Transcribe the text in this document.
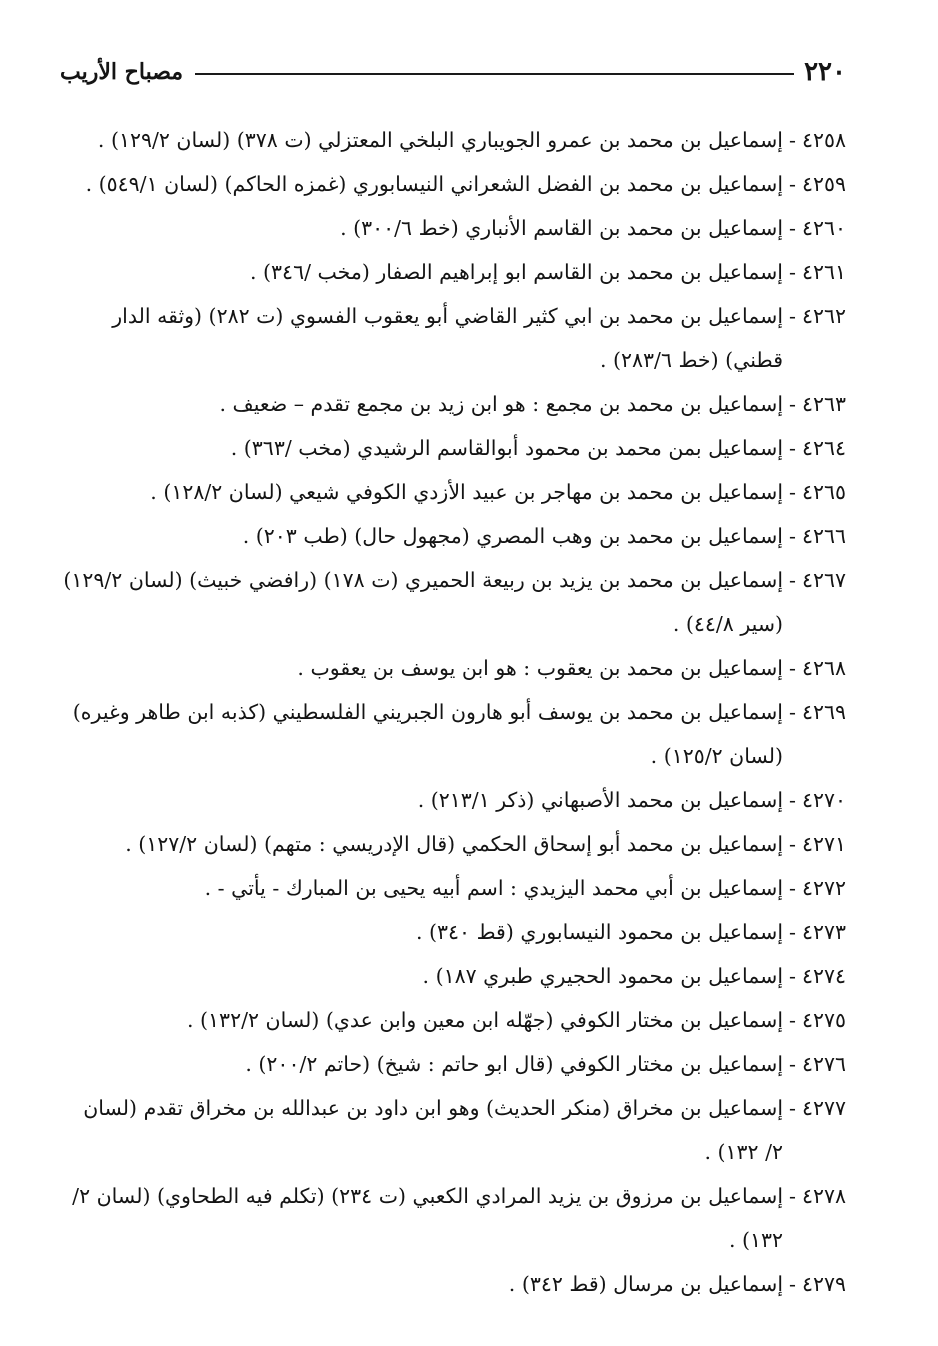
٢٢٠
مصباح الأريب
٤٢٥٨
-
إسماعيل بن محمد بن عمرو الجويباري البلخي المعتزلي (ت ٣٧٨) (لسان ١٢٩/٢) .
٤٢٥٩
-
إسماعيل بن محمد بن الفضل الشعراني النيسابوري (غمزه الحاكم) (لسان ٥٤٩/١) .
٤٢٦٠
-
إسماعيل بن محمد بن القاسم الأنباري (خط ٣٠٠/٦) .
٤٢٦١
-
إسماعيل بن محمد بن القاسم ابو إبراهيم الصفار (مخب /٣٤٦) .
٤٢٦٢
-
إسماعيل بن محمد بن ابي كثير القاضي أبو يعقوب الفسوي (ت ٢٨٢) (وثقه الدار قطني) (خط ٢٨٣/٦) .
٤٢٦٣
-
إسماعيل بن محمد بن مجمع : هو ابن زيد بن مجمع تقدم – ضعيف .
٤٢٦٤
-
إسماعيل بمن محمد بن محمود أبوالقاسم الرشيدي (مخب /٣٦٣) .
٤٢٦٥
-
إسماعيل بن محمد بن مهاجر بن عبيد الأزدي الكوفي شيعي (لسان ١٢٨/٢) .
٤٢٦٦
-
إسماعيل بن محمد بن وهب المصري (مجهول حال) (طب ٢٠٣) .
٤٢٦٧
-
إسماعيل بن محمد بن يزيد بن ربيعة الحميري (ت ١٧٨) (رافضي خبيث) (لسان ١٢٩/٢) (سير ٤٤/٨) .
٤٢٦٨
-
إسماعيل بن محمد بن يعقوب : هو ابن يوسف بن يعقوب .
٤٢٦٩
-
إسماعيل بن محمد بن يوسف أبو هارون الجبريني الفلسطيني (كذبه ابن طاهر وغيره) (لسان ١٢٥/٢) .
٤٢٧٠
-
إسماعيل بن محمد الأصبهاني (ذكر ٢١٣/١) .
٤٢٧١
-
إسماعيل بن محمد أبو إسحاق الحكمي (قال الإدريسي : متهم) (لسان ١٢٧/٢) .
٤٢٧٢
-
إسماعيل بن أبي محمد اليزيدي : اسم أبيه يحيى بن المبارك - يأتي - .
٤٢٧٣
-
إسماعيل بن محمود النيسابوري (قط ٣٤٠) .
٤٢٧٤
-
إسماعيل بن محمود الحجيري طبري ١٨٧) .
٤٢٧٥
-
إسماعيل بن مختار الكوفي (جهّله ابن معين وابن عدي) (لسان ١٣٢/٢) .
٤٢٧٦
-
إسماعيل بن مختار الكوفي (قال ابو حاتم : شيخ) (حاتم ٢٠٠/٢) .
٤٢٧٧
-
إسماعيل بن مخراق (منكر الحديث) وهو ابن داود بن عبدالله بن مخراق تقدم (لسان ٢/ ١٣٢) .
٤٢٧٨
-
إسماعيل بن مرزوق بن يزيد المرادي الكعبي (ت ٢٣٤) (تكلم فيه الطحاوي) (لسان ٢/ ١٣٢) .
٤٢٧٩
-
إسماعيل بن مرسال (قط ٣٤٢) .
